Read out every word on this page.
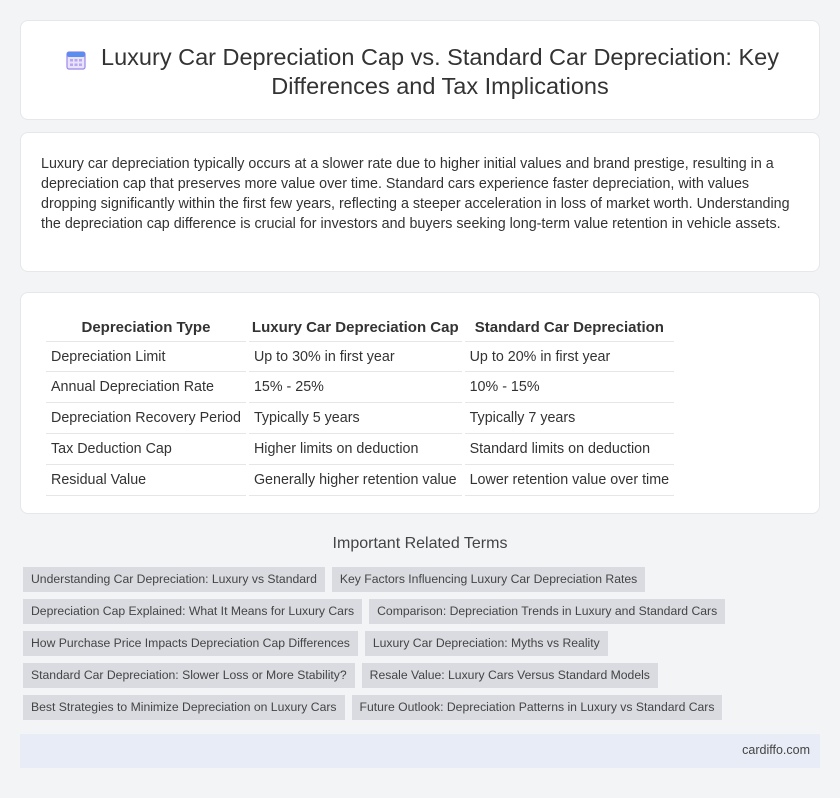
Luxury Car Depreciation Cap vs. Standard Car Depreciation: Key Differences and Tax Implications

Luxury car depreciation typically occurs at a slower rate due to higher initial values and brand prestige, resulting in a depreciation cap that preserves more value over time. Standard cars experience faster depreciation, with values dropping significantly within the first few years, reflecting a steeper acceleration in loss of market worth. Understanding the depreciation cap difference is crucial for investors and buyers seeking long-term value retention in vehicle assets.

Depreciation Type	Luxury Car Depreciation Cap	Standard Car Depreciation
Depreciation Limit	Up to 30% in first year	Up to 20% in first year
Annual Depreciation Rate	15% - 25%	10% - 15%
Depreciation Recovery Period	Typically 5 years	Typically 7 years
Tax Deduction Cap	Higher limits on deduction	Standard limits on deduction
Residual Value	Generally higher retention value	Lower retention value over time
Important Related Terms
Understanding Car Depreciation: Luxury vs Standard	Key Factors Influencing Luxury Car Depreciation Rates
Depreciation Cap Explained: What It Means for Luxury Cars	Comparison: Depreciation Trends in Luxury and Standard Cars
How Purchase Price Impacts Depreciation Cap Differences	Luxury Car Depreciation: Myths vs Reality
Standard Car Depreciation: Slower Loss or More Stability?	Resale Value: Luxury Cars Versus Standard Models
Best Strategies to Minimize Depreciation on Luxury Cars	Future Outlook: Depreciation Patterns in Luxury vs Standard Cars
cardiffo.com
